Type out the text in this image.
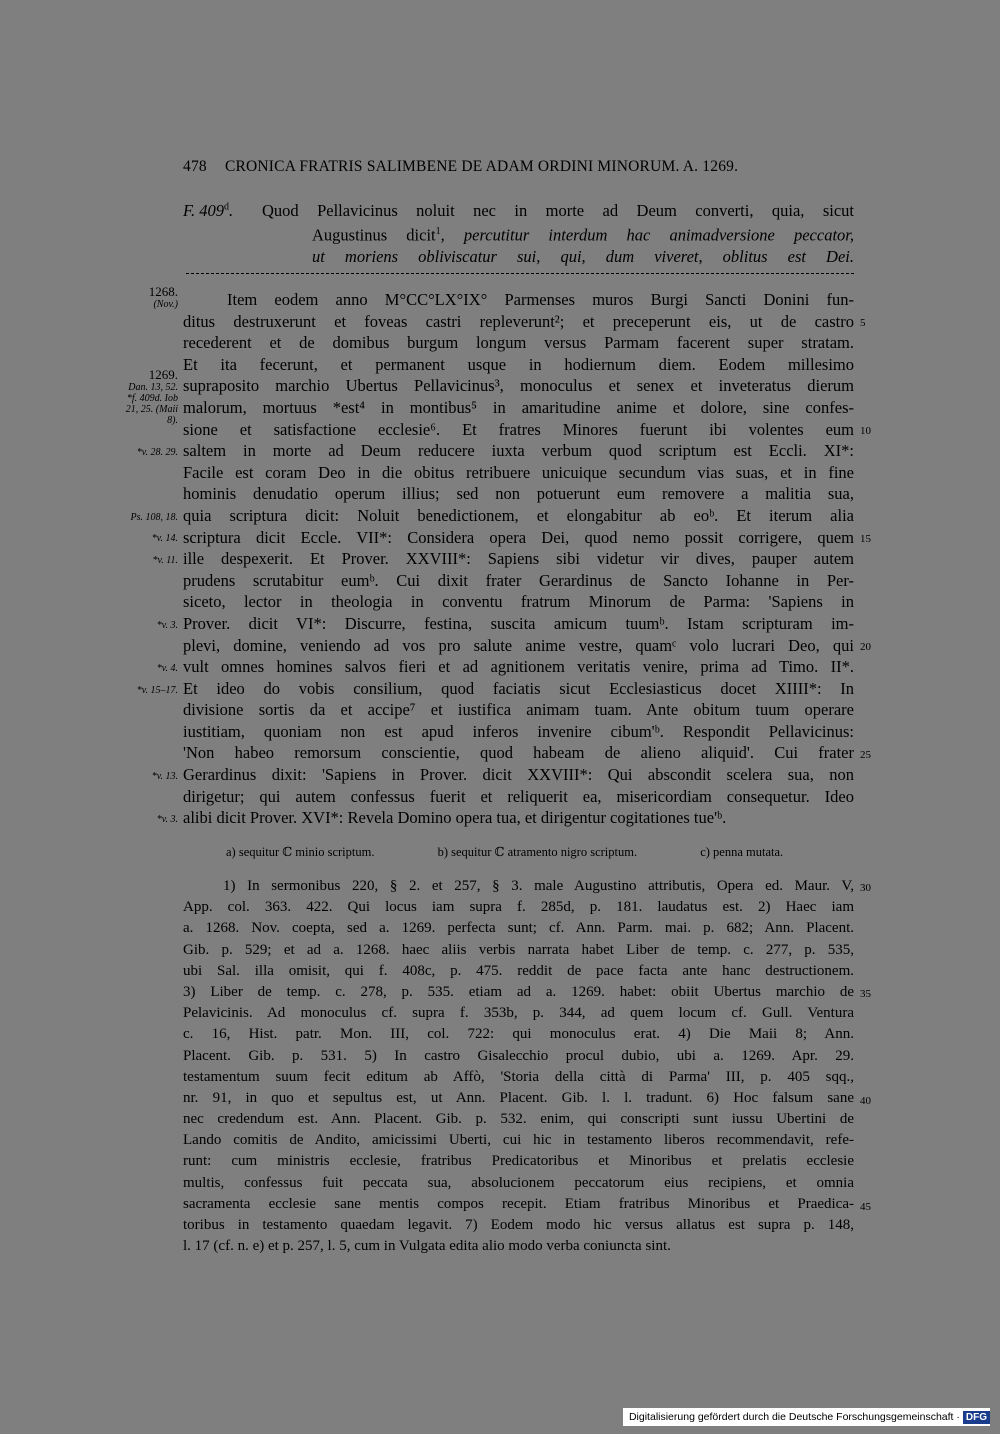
478 CRONICA FRATRIS SALIMBENE DE ADAM ORDINI MINORUM. A. 1269.
F. 409$^d$. Quod Pellavicinus noluit nec in morte ad Deum converti, quia, sicut
Augustinus dicit$^1$, percutitur interdum hac animadversione peccator,
ut moriens obliviscatur sui, qui, dum viveret, oblitus est Dei.
1268.
(Nov.)
1269.
Dan. 13, 52. *f. 409d. Iob 21, 25. (Maii 8).
*v. 28. 29.
Ps. 108, 18.
*v. 14.
*v. 11.
*v. 3.
*v. 4.
*v. 15–17.
*v. 13.
*v. 3.
5
10
15
20
25
30
35
40
45
Item eodem anno M°CC°LX°IX° Parmenses muros Burgi Sancti Donini fun-
ditus destruxerunt et foveas castri repleverunt²; et preceperunt eis, ut de castro
recederent et de domibus burgum longum versus Parmam facerent super stratam.
Et ita fecerunt, et permanent usque in hodiernum diem. Eodem millesimo
supraposito marchio Ubertus Pellavicinus³, monoculus et senex et inveteratus dierum
malorum, mortuus *est⁴ in montibus⁵ in amaritudine anime et dolore, sine confes-
sione et satisfactione ecclesie⁶. Et fratres Minores fuerunt ibi volentes eum
saltem in morte ad Deum reducere iuxta verbum quod scriptum est Eccli. XI*:
Facile est coram Deo in die obitus retribuere unicuique secundum vias suas, et in fine
hominis denudatio operum illius; sed non potuerunt eum removere a malitia sua,
quia scriptura dicit: Noluit benedictionem, et elongabitur ab eoᵇ. Et iterum alia
scriptura dicit Eccle. VII*: Considera opera Dei, quod nemo possit corrigere, quem
ille despexerit. Et Prover. XXVIII*: Sapiens sibi videtur vir dives, pauper autem
prudens scrutabitur eumᵇ. Cui dixit frater Gerardinus de Sancto Iohanne in Per-
siceto, lector in theologia in conventu fratrum Minorum de Parma: 'Sapiens in
Prover. dicit VI*: Discurre, festina, suscita amicum tuumᵇ. Istam scripturam im-
plevi, domine, veniendo ad vos pro salute anime vestre, quamᶜ volo lucrari Deo, qui
vult omnes homines salvos fieri et ad agnitionem veritatis venire, prima ad Timo. II*.
Et ideo do vobis consilium, quod faciatis sicut Ecclesiasticus docet XIIII*: In
divisione sortis da et accipe⁷ et iustifica animam tuam. Ante obitum tuum operare
iustitiam, quoniam non est apud inferos invenire cibum'ᵇ. Respondit Pellavicinus:
'Non habeo remorsum conscientie, quod habeam de alieno aliquid'. Cui frater
Gerardinus dixit: 'Sapiens in Prover. dicit XXVIII*: Qui abscondit scelera sua, non
dirigetur; qui autem confessus fuerit et reliquerit ea, misericordiam consequetur. Ideo
alibi dicit Prover. XVI*: Revela Domino opera tua, et dirigentur cogitationes tue'ᵇ.
a) sequitur ℂ minio scriptum.	b) sequitur ℂ atramento nigro scriptum.	c) penna mutata.
1) In sermonibus 220, § 2. et 257, § 3. male Augustino attributis, Opera ed. Maur. V,
App. col. 363. 422. Qui locus iam supra f. 285d, p. 181. laudatus est. 2) Haec iam
a. 1268. Nov. coepta, sed a. 1269. perfecta sunt; cf. Ann. Parm. mai. p. 682; Ann. Placent.
Gib. p. 529; et ad a. 1268. haec aliis verbis narrata habet Liber de temp. c. 277, p. 535,
ubi Sal. illa omisit, qui f. 408c, p. 475. reddit de pace facta ante hanc destructionem.
3) Liber de temp. c. 278, p. 535. etiam ad a. 1269. habet: obiit Ubertus marchio de
Pelavicinis. Ad monoculus cf. supra f. 353b, p. 344, ad quem locum cf. Gull. Ventura
c. 16, Hist. patr. Mon. III, col. 722: qui monoculus erat. 4) Die Maii 8; Ann.
Placent. Gib. p. 531. 5) In castro Gisalecchio procul dubio, ubi a. 1269. Apr. 29.
testamentum suum fecit editum ab Affò, 'Storia della città di Parma' III, p. 405 sqq.,
nr. 91, in quo et sepultus est, ut Ann. Placent. Gib. l. l. tradunt. 6) Hoc falsum sane
nec credendum est. Ann. Placent. Gib. p. 532. enim, qui conscripti sunt iussu Ubertini de
Lando comitis de Andito, amicissimi Uberti, cui hic in testamento liberos recommendavit, refe-
runt: cum ministris ecclesie, fratribus Predicatoribus et Minoribus et prelatis ecclesie
multis, confessus fuit peccata sua, absolucionem peccatorum eius recipiens, et omnia
sacramenta ecclesie sane mentis compos recepit. Etiam fratribus Minoribus et Praedica-
toribus in testamento quaedam legavit. 7) Eodem modo hic versus allatus est supra p. 148,
l. 17 (cf. n. e) et p. 257, l. 5, cum in Vulgata edita alio modo verba coniuncta sint.
Digitalisierung gefördert durch die Deutsche Forschungsgemeinschaft · DFG
